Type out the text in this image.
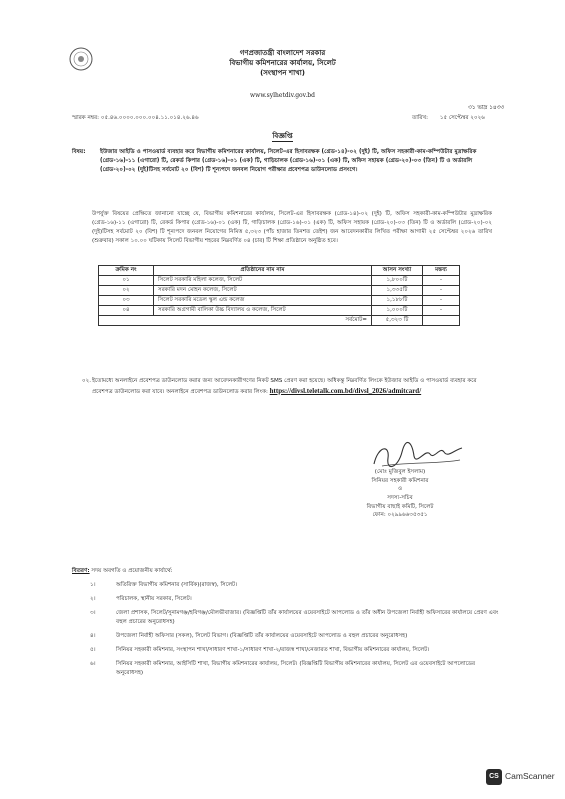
গণপ্রজাতন্ত্রী বাংলাদেশ সরকার
বিভাগীয় কমিশনারের কার্যালয়, সিলেট
(সংস্থাপন শাখা)
www.sylhetdiv.gov.bd
৩১ ভাদ্র ১৪৩৩
স্মারক নম্বর: ০৫.৪৬.০০০০.০০০.০০৪.১১.০১৪.২৬.৪৬	তারিখ: ১৫ সেপ্টেম্বর ২০২৬
বিজ্ঞপ্তি
বিষয়:	ইউজার আইডি ও পাসওয়ার্ড ব্যবহার করে বিভাগীয় কমিশনারের কার্যালয়, সিলেট-এর হিসাবরক্ষক (গ্রেড-১৪)-০২ (দুই) টি, অফিস সহকারী-কাম-কম্পিউটার মুদ্রাক্ষরিক (গ্রেড-১৬)-১১ (এগারো) টি, রেকর্ড কিপার (গ্রেড-১৬)-০১ (এক) টি, গাড়িচালক (গ্রেড-১৬)-০১ (এক) টি, অফিস সহায়ক (গ্রেড-২০)-০৩ (তিন) টি ও অর্ডারলি (গ্রেড-২০)-০২ (দুই)টিসহ সর্বমোট ২০ (বিশ) টি শূন্যপদে জনবল নিয়োগ পরীক্ষার প্রবেশপত্র ডাউনলোড প্রসংগে।
উপর্যুক্ত বিষয়ের প্রেক্ষিতে জানানো যাচ্ছে যে, বিভাগীয় কমিশনারের কার্যালয়, সিলেট-এর হিসাবরক্ষক (গ্রেড-১৪)-০২ (দুই) টি, অফিস সহকারী-কাম-কম্পিউটার মুদ্রাক্ষরিক (গ্রেড-১৬)-১১ (এগারো) টি, রেকর্ড কিপার (গ্রেড-১৬)-০১ (এক) টি, গাড়িচালক (গ্রেড-১৬)-০১ (এক) টি, অফিস সহায়ক (গ্রেড-২০)-০৩ (তিন) টি ও অর্ডারলি (গ্রেড-২০)-০২ (দুই)টিসহ সর্বমোট ২০ (বিশ) টি শূন্যপদে জনবল নিয়োগের নিমিত্ত ৫,৩২৩ (পাঁচ হাজার তিনশত তেইশ) জন আবেদনকারীর লিখিত পরীক্ষা আগামী ২৫ সেপ্টেম্বর ২০২৬ তারিখ (শুক্রবার) সকাল ১০.০০ ঘটিকায় সিলেট বিভাগীয় শহরের নিম্নবর্ণিত ০৪ (চার) টি শিক্ষা প্রতিষ্ঠানে অনুষ্ঠিত হবে।
ক্রমিক নং	প্রতিষ্ঠানের নাম নাম	আসন সংখ্যা	মন্তব্য
০১	সিলেট সরকারি মহিলা কলেজ, সিলেট	১,৮০০টি	-
০২	সরকারি মদন মোহন কলেজ, সিলেট	১,৩৩৫টি	-
০৩	সিলেট সরকারি মডেল স্কুল এন্ড কলেজ	১,১৮৮টি	-
০৪	সরকারি অগ্রগামী বালিকা উচ্চ বিদ্যালয় ও কলেজ, সিলেট	১,০০০টি	-
সর্বমোট=		৫,৩২৩ টি	
০২. ইতোমধ্যে অনলাইনে প্রবেশপত্র ডাউনলোড করার জন্য আবেদনকারীগণের নিকট SMS প্রেরণ করা হয়েছে। অধিকন্তু নিম্নবর্ণিত লিংকে ইউজার আইডি ও পাসওয়ার্ড ব্যবহার করে প্রবেশপত্র ডাউনলোড করা যাবে। অনলাইনে প্রবেশপত্র ডাউনলোড করার লিংক: https://divsl.teletalk.com.bd/divsl_2026/admitcard/
(মোঃ মুজিবুল ইসলাম)
সিনিয়র সহকারী কমিশনার
ও
সদস্য-সচিব
বিভাগীয় বাছাই কমিটি, সিলেট
ফোন: ০২৯৯৬৬৩৫৩৫১
বিতরণ: সদয় অবগতি ও প্রয়োজনীয় কার্যার্থে:
১।	অতিরিক্ত বিভাগীয় কমিশনার (সার্বিক)(রাজস্ব), সিলেট।
২।	পরিচালক, স্থানীয় সরকার, সিলেট।
৩।	জেলা প্রশাসক, সিলেট/সুনামগঞ্জ/হবিগঞ্জ/মৌলভীবাজার। (বিজ্ঞপ্তিটি তাঁর কার্যালয়ের ওয়েবসাইটে আপলোড ও তাঁর অধীন উপজেলা নির্বাহী অফিসারের কার্যালয়ে প্রেরণ এবং বহুল প্রচারের অনুরোধসহ)
৪।	উপজেলা নির্বাহী অফিসার (সকল), সিলেট বিভাগ। (বিজ্ঞপ্তিটি তাঁর কার্যালয়ের ওয়েবসাইটে আপলোড ও বহুল প্রচারের অনুরোধসহ)
৫।	সিনিয়র সহকারী কমিশনার, সংস্থাপন শাখা/সাধারণ শাখা-১/সাধারণ শাখা-২/রাজস্ব শাখা/নেজারত শাখা, বিভাগীয় কমিশনারের কার্যালয়, সিলেট।
৬।	সিনিয়র সহকারী কমিশনার, আইসিটি শাখা, বিভাগীয় কমিশনারের কার্যালয়, সিলেট। (বিজ্ঞপ্তিটি বিভাগীয় কমিশনারের কার্যালয়, সিলেট এর ওয়েবসাইটে আপলোডের অনুরোধসহ)
CS CamScanner
